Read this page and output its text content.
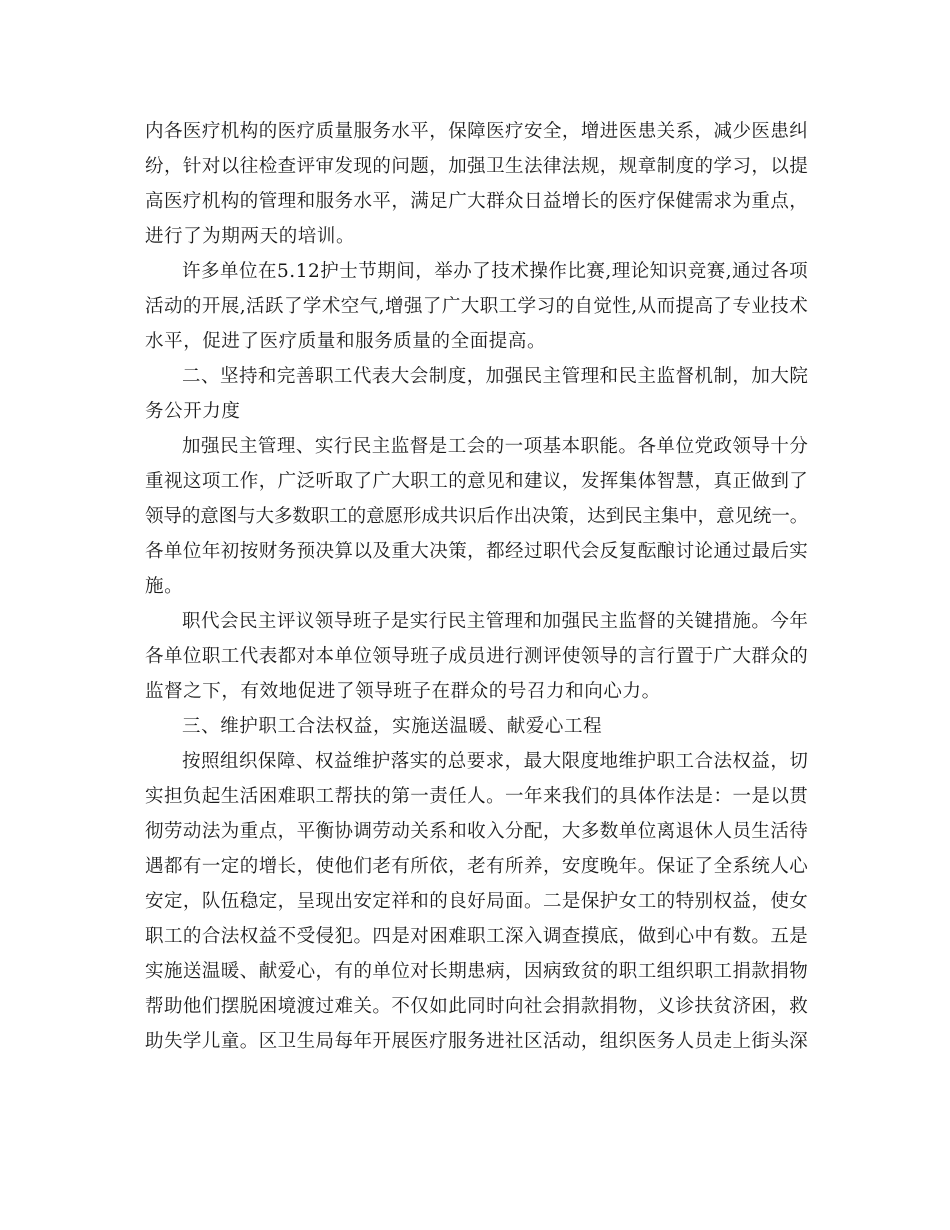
内各医疗机构的医疗质量服务水平，保障医疗安全，增进医患关系，减少医患纠
纷，针对以往检查评审发现的问题，加强卫生法律法规，规章制度的学习，以提
高医疗机构的管理和服务水平，满足广大群众日益增长的医疗保健需求为重点，
进行了为期两天的培训。
许多单位在5.12护士节期间，举办了技术操作比赛,理论知识竞赛,通过各项
活动的开展,活跃了学术空气,增强了广大职工学习的自觉性,从而提高了专业技术
水平，促进了医疗质量和服务质量的全面提高。
二、坚持和完善职工代表大会制度，加强民主管理和民主监督机制，加大院
务公开力度
加强民主管理、实行民主监督是工会的一项基本职能。各单位党政领导十分
重视这项工作，广泛听取了广大职工的意见和建议，发挥集体智慧，真正做到了
领导的意图与大多数职工的意愿形成共识后作出决策，达到民主集中，意见统一。
各单位年初按财务预决算以及重大决策，都经过职代会反复酝酿讨论通过最后实
施。
职代会民主评议领导班子是实行民主管理和加强民主监督的关键措施。今年
各单位职工代表都对本单位领导班子成员进行测评使领导的言行置于广大群众的
监督之下，有效地促进了领导班子在群众的号召力和向心力。
三、维护职工合法权益，实施送温暖、献爱心工程
按照组织保障、权益维护落实的总要求，最大限度地维护职工合法权益，切
实担负起生活困难职工帮扶的第一责任人。一年来我们的具体作法是：一是以贯
彻劳动法为重点，平衡协调劳动关系和收入分配，大多数单位离退休人员生活待
遇都有一定的增长，使他们老有所依，老有所养，安度晚年。保证了全系统人心
安定，队伍稳定，呈现出安定祥和的良好局面。二是保护女工的特别权益，使女
职工的合法权益不受侵犯。四是对困难职工深入调查摸底，做到心中有数。五是
实施送温暖、献爱心，有的单位对长期患病，因病致贫的职工组织职工捐款捐物
帮助他们摆脱困境渡过难关。不仅如此同时向社会捐款捐物，义诊扶贫济困，救
助失学儿童。区卫生局每年开展医疗服务进社区活动，组织医务人员走上街头深
